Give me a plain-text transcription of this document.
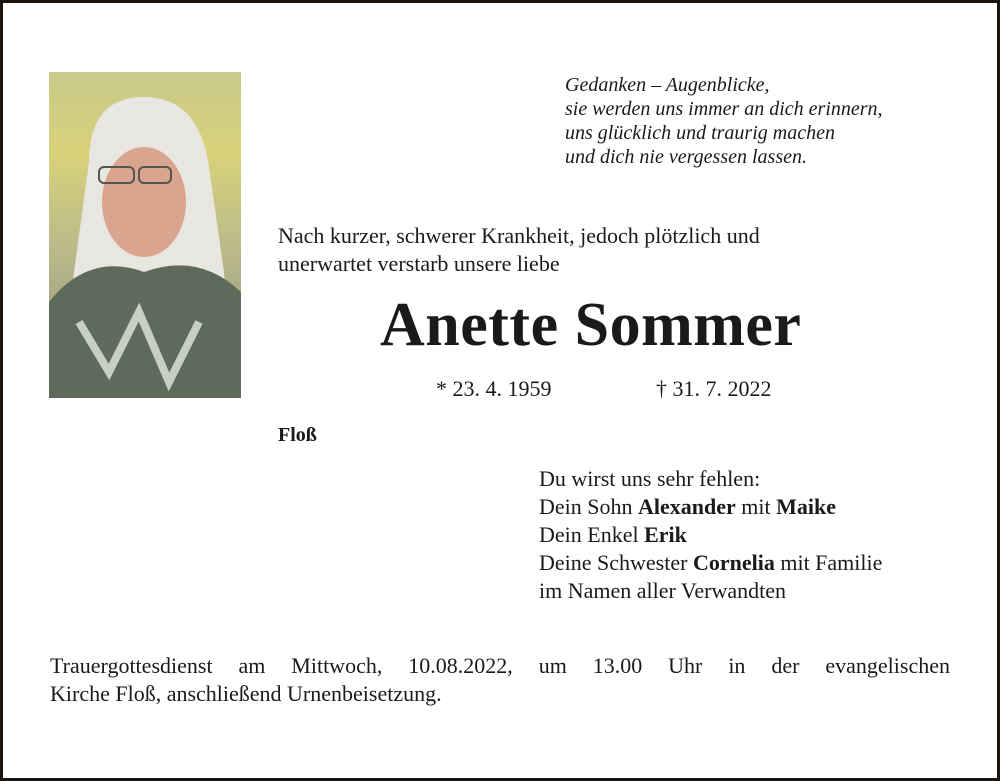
Gedanken – Augenblicke,
sie werden uns immer an dich erinnern,
uns glücklich und traurig machen
und dich nie vergessen lassen.
Nach kurzer, schwerer Krankheit, jedoch plötzlich und
unerwartet verstarb unsere liebe
Anette Sommer
* 23. 4. 1959	† 31. 7. 2022
Floß
Du wirst uns sehr fehlen:
Dein Sohn Alexander mit Maike
Dein Enkel Erik
Deine Schwester Cornelia mit Familie
im Namen aller Verwandten
Trauergottesdienst am Mittwoch, 10.08.2022, um 13.00 Uhr in der evangelischen
Kirche Floß, anschließend Urnenbeisetzung.
